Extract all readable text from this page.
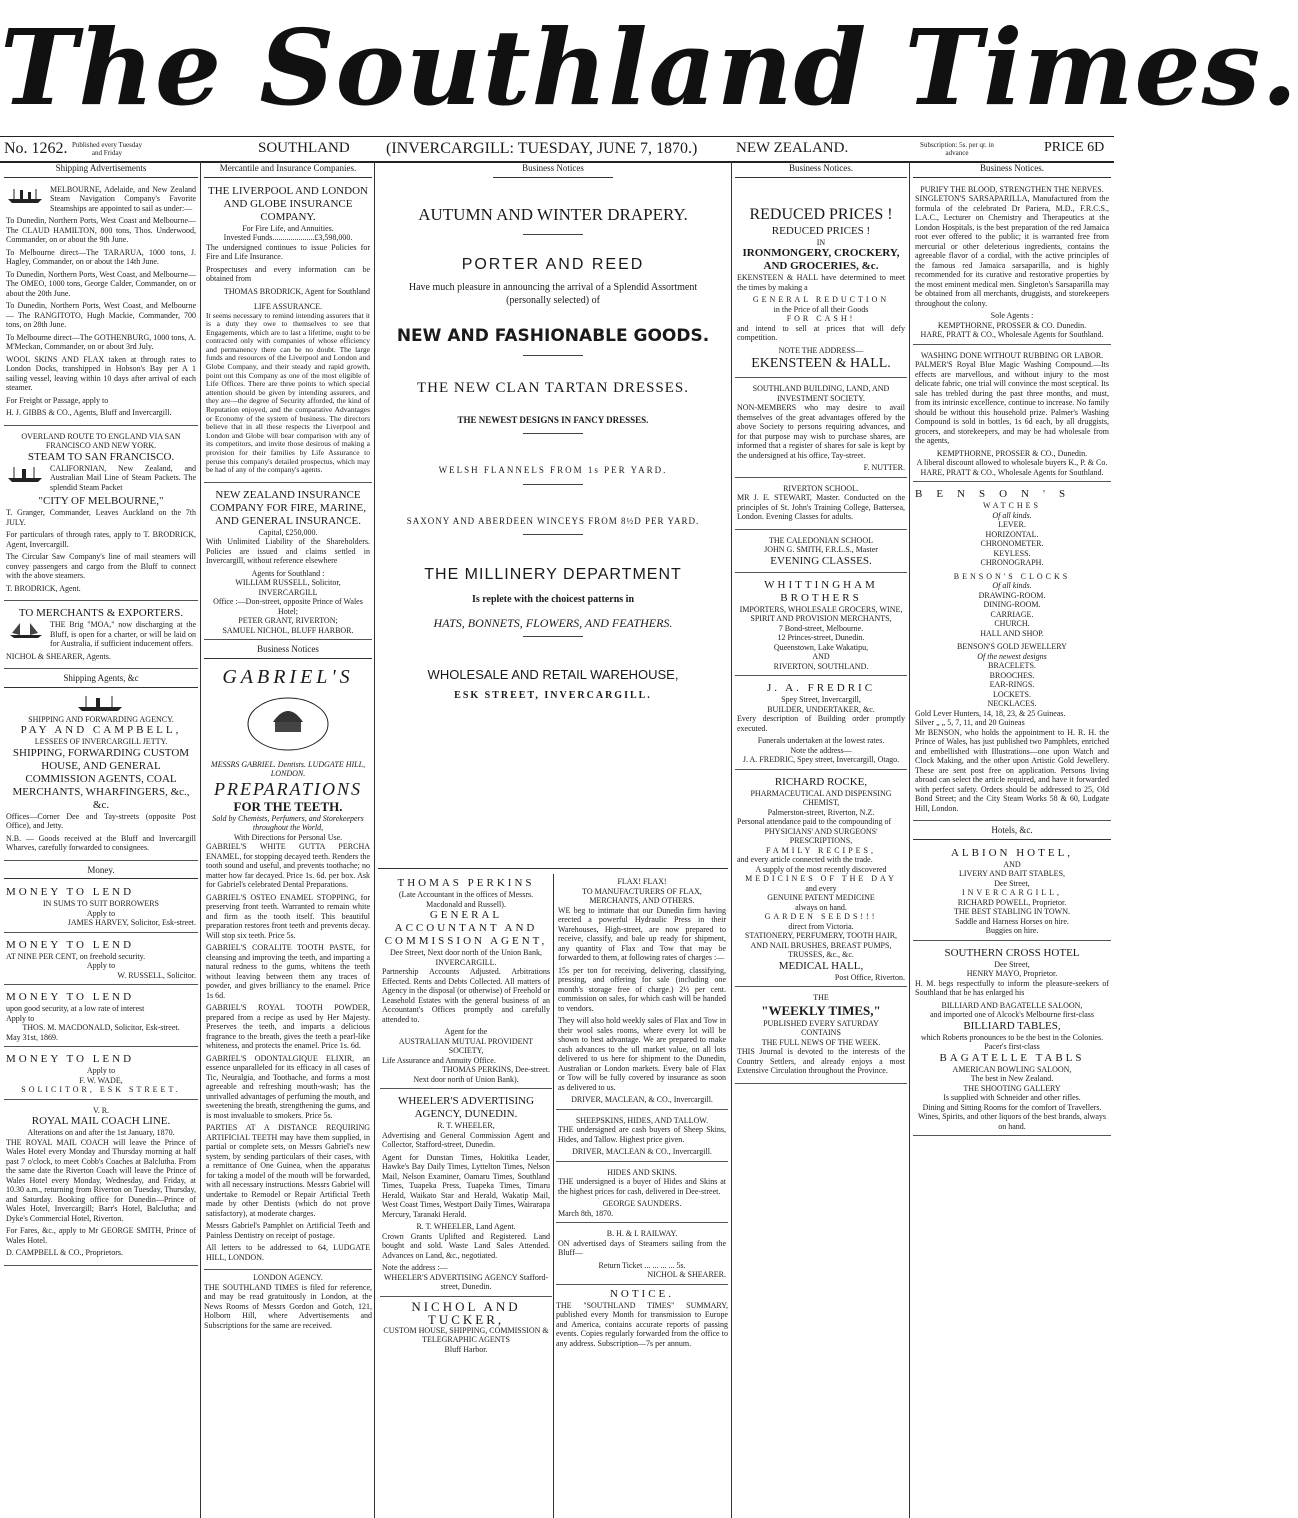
The Southland Times.
No. 1262. Published every Tuesday and Friday	SOUTHLAND (INVERCARGILL: TUESDAY, JUNE 7, 1870.)	NEW ZEALAND.	Subscription: 5s. per qr. in advance	PRICE 6D
Shipping Advertisements

MELBOURNE, Adelaide, and New Zealand Steam Navigation Company's Favorite Steamships are appointed to sail as under:—

To Dunedin, Northern Ports, West Coast and Melbourne—The CLAUD HAMILTON, 800 tons, Thos. Underwood, Commander, on or about the 9th June.

To Melbourne direct—The TARARUA, 1000 tons, J. Hagley, Commander, on or about the 14th June.

To Dunedin, Northern Ports, West Coast, and Melbourne—The OMEO, 1000 tons, George Calder, Commander, on or about the 20th June.

To Dunedin, Northern Ports, West Coast, and Melbourne — The RANGITOTO, Hugh Mackie, Commander, 700 tons, on 28th June.

To Melbourne direct—The GOTHENBURG, 1000 tons, A. M'Meckan, Commander, on or about 3rd July.

WOOL SKINS AND FLAX taken at through rates to London Docks, transhipped in Hobson's Bay per A 1 sailing vessel, leaving within 10 days after arrival of each steamer.

For Freight or Passage, apply to

H. J. GIBBS & CO., Agents, Bluff and Invercargill.

OVERLAND ROUTE TO ENGLAND VIA SAN FRANCISCO AND NEW YORK.
STEAM TO SAN FRANCISCO.

CALIFORNIAN, New Zealand, and Australian Mail Line of Steam Packets. The splendid Steam Packet

"CITY OF MELBOURNE,"

T. Granger, Commander, Leaves Auckland on the 7th JULY.

For particulars of through rates, apply to T. BRODRICK, Agent, Invercargill.

The Circular Saw Company's line of mail steamers will convey passengers and cargo from the Bluff to connect with the above steamers.

T. BRODRICK, Agent.

TO MERCHANTS & EXPORTERS.

THE Brig "MOA," now discharging at the Bluff, is open for a charter, or will be laid on for Australia, if sufficient inducement offers.

NICHOL & SHEARER, Agents.

Shipping Agents, &c
SHIPPING AND FORWARDING AGENCY.
PAY AND CAMPBELL,
LESSEES OF INVERCARGILL JETTY.
SHIPPING, FORWARDING CUSTOM HOUSE, AND GENERAL COMMISSION AGENTS, COAL MERCHANTS, WHARFINGERS, &c., &c.

Offices—Corner Dee and Tay-streets (opposite Post Office), and Jetty.

N.B. — Goods received at the Bluff and Invercargill Wharves, carefully forwarded to consignees.

Money.
MONEY TO LEND
IN SUMS TO SUIT BORROWERS
Apply to
JAMES HARVEY, Solicitor, Esk-street.
MONEY TO LEND
AT NINE PER CENT, on freehold security.
Apply to
W. RUSSELL, Solicitor.
MONEY TO LEND
upon good security, at a low rate of interest
Apply to
THOS. M. MACDONALD, Solicitor, Esk-street.
May 31st, 1869.
MONEY TO LEND
Apply to
F. W. WADE,
SOLICITOR, ESK STREET.
V. R.
ROYAL MAIL COACH LINE.
Alterations on and after the 1st January, 1870.

THE ROYAL MAIL COACH will leave the Prince of Wales Hotel every Monday and Thursday morning at half past 7 o'clock, to meet Cobb's Coaches at Balclutha. From the same date the Riverton Coach will leave the Prince of Wales Hotel every Monday, Wednesday, and Friday, at 10.30 a.m., returning from Riverton on Tuesday, Thursday, and Saturday. Booking office for Dunedin—Prince of Wales Hotel, Invercargill; Barr's Hotel, Balclutha; and Dyke's Commercial Hotel, Riverton.

For Fares, &c., apply to Mr GEORGE SMITH, Prince of Wales Hotel.

D. CAMPBELL & CO., Proprietors.

Mercantile and Insurance Companies.
THE LIVERPOOL AND LONDON AND GLOBE INSURANCE COMPANY.
For Fire Life, and Annuities.
Invested Funds.....................£3,598,000.

The undersigned continues to issue Policies for Fire and Life Insurance.

Prospectuses and every information can be obtained from

THOMAS BRODRICK, Agent for Southland
LIFE ASSURANCE.

It seems necessary to remind intending assurers that it is a duty they owe to themselves to see that Engagements, which are to last a lifetime, ought to be contracted only with companies of whose efficiency and permanency there can be no doubt. The large funds and resources of the Liverpool and London and Globe Company, and their steady and rapid growth, point out this Company as one of the most eligible of Life Offices. There are three points to which special attention should be given by intending assurers, and they are—the degree of Security afforded, the kind of Reputation enjoyed, and the comparative Advantages or Economy of the system of business. The directors believe that in all these respects the Liverpool and London and Globe will bear comparison with any of its competitors, and invite those desirous of making a provision for their families by Life Assurance to peruse this company's detailed prospectus, which may be had of any of the company's agents.

NEW ZEALAND INSURANCE COMPANY FOR FIRE, MARINE, AND GENERAL INSURANCE.
Capital, £250,000.

With Unlimited Liability of the Shareholders. Policies are issued and claims settled in Invercargill, without reference elsewhere

Agents for Southland :
WILLIAM RUSSELL, Solicitor, INVERCARGILL
Office :—Don-street, opposite Prince of Wales Hotel;
PETER GRANT, RIVERTON;
SAMUEL NICHOL, BLUFF HARBOR.
Business Notices
GABRIEL'S
MESSRS GABRIEL. Dentists. LUDGATE HILL, LONDON.
PREPARATIONS
FOR THE TEETH.
Sold by Chemists, Perfumers, and Storekeepers throughout the World,
With Directions for Personal Use.

GABRIEL'S WHITE GUTTA PERCHA ENAMEL, for stopping decayed teeth. Renders the tooth sound and useful, and prevents toothache; no matter how far decayed. Price 1s. 6d. per box. Ask for Gabriel's celebrated Dental Preparations.

GABRIEL'S OSTEO ENAMEL STOPPING, for preserving front teeth. Warranted to remain white and firm as the tooth itself. This beautiful preparation restores front teeth and prevents decay. Will stop six teeth. Price 5s.

GABRIEL'S CORALITE TOOTH PASTE, for cleansing and improving the teeth, and imparting a natural redness to the gums, whitens the teeth without leaving between them any traces of powder, and gives brilliancy to the enamel. Price 1s 6d.

GABRIEL'S ROYAL TOOTH POWDER, prepared from a recipe as used by Her Majesty. Preserves the teeth, and imparts a delicious fragrance to the breath, gives the teeth a pearl-like whiteness, and protects the enamel. Price 1s. 6d.

GABRIEL'S ODONTALGIQUE ELIXIR, an essence unparalleled for its efficacy in all cases of Tic, Neuralgia, and Toothache, and forms a most agreeable and refreshing mouth-wash; has the unrivalled advantages of perfuming the mouth, and sweetening the breath, strengthening the gums, and is most invaluable to smokers. Price 5s.

PARTIES AT A DISTANCE REQUIRING ARTIFICIAL TEETH may have them supplied, in partial or complete sets, on Messrs Gabriel's new system, by sending particulars of their cases, with a remittance of One Guinea, when the apparatus for taking a model of the mouth will be forwarded, with all necessary instructions. Messrs Gabriel will undertake to Remodel or Repair Artificial Teeth made by other Dentists (which do not prove satisfactory), at moderate charges.

Messrs Gabriel's Pamphlet on Artificial Teeth and Painless Dentistry on receipt of postage.

All letters to be addressed to 64, LUDGATE HILL, LONDON.

LONDON AGENCY.

THE SOUTHLAND TIMES is filed for reference, and may be read gratuitously in London, at the News Rooms of Messrs Gordon and Gotch, 121, Holborn Hill, where Advertisements and Subscriptions for the same are received.

Business Notices
AUTUMN AND WINTER DRAPERY.
PORTER AND REED
Have much pleasure in announcing the arrival of a Splendid Assortment (personally selected) of
NEW AND FASHIONABLE GOODS.
THE NEW CLAN TARTAN DRESSES.
THE NEWEST DESIGNS IN FANCY DRESSES.
WELSH FLANNELS FROM 1s PER YARD.
SAXONY AND ABERDEEN WINCEYS FROM 8½D PER YARD.
THE MILLINERY DEPARTMENT
Is replete with the choicest patterns in
HATS, BONNETS, FLOWERS, AND FEATHERS.
WHOLESALE AND RETAIL WAREHOUSE,
ESK STREET, INVERCARGILL.
THOMAS PERKINS
(Late Accountant in the offices of Messrs. Macdonald and Russell).
GENERAL ACCOUNTANT AND COMMISSION AGENT,
Dee Street, Next door north of the Union Bank, INVERCARGILL.

Partnership Accounts Adjusted. Arbitrations Effected. Rents and Debts Collected. All matters of Agency in the disposal (or otherwise) of Freehold or Leasehold Estates with the general business of an Accountant's Offices promptly and carefully attended to.

Agent for the
AUSTRALIAN MUTUAL PROVIDENT SOCIETY,
Life Assurance and Annuity Office.
THOMAS PERKINS, Dee-street.
Next door north of Union Bank).
WHEELER'S ADVERTISING AGENCY, DUNEDIN.
R. T. WHEELER,

Advertising and General Commission Agent and Collector, Stafford-street, Dunedin.

Agent for Dunstan Times, Hokitika Leader, Hawke's Bay Daily Times, Lyttelton Times, Nelson Mail, Nelson Examiner, Oamaru Times, Southland Times, Tuapeka Press, Tuapeka Times, Timaru Herald, Waikato Star and Herald, Wakatip Mail, West Coast Times, Westport Daily Times, Wairarapa Mercury, Taranaki Herald.

R. T. WHEELER, Land Agent.

Crown Grants Uplifted and Registered. Land bought and sold. Waste Land Sales Attended. Advances on Land, &c., negotiated.

Note the address :—
WHEELER'S ADVERTISING AGENCY Stafford-street, Dunedin.
NICHOL AND TUCKER,
CUSTOM HOUSE, SHIPPING, COMMISSION & TELEGRAPHIC AGENTS
Bluff Harbor.
FLAX! FLAX!
TO MANUFACTURERS OF FLAX, MERCHANTS, AND OTHERS.

WE beg to intimate that our Dunedin firm having erected a powerful Hydraulic Press in their Warehouses, High-street, are now prepared to receive, classify, and bale up ready for shipment, any quantity of Flax and Tow that may be forwarded to them, at following rates of charges :—

15s per ton for receiving, delivering, classifying, pressing, and offering for sale (including one month's storage free of charge.) 2½ per cent. commission on sales, for which cash will be handed to vendors.

They will also hold weekly sales of Flax and Tow in their wool sales rooms, where every lot will be shown to best advantage. We are prepared to make cash advances to the ull market value, on all lots delivered to us here for shipment to the Dunedin, Australian or London markets. Every bale of Flax or Tow will be fully covered by insurance as soon as delivered to us.

DRIVER, MACLEAN, & CO., Invercargill.
SHEEPSKINS, HIDES, AND TALLOW.

THE undersigned are cash buyers of Sheep Skins, Hides, and Tallow. Highest price given.

DRIVER, MACLEAN & CO., Invercargill.
HIDES AND SKINS.

THE undersigned is a buyer of Hides and Skins at the highest prices for cash, delivered in Dee-street.

GEORGE SAUNDERS.
March 8th, 1870.
B. H. & I. RAILWAY.

ON advertised days of Steamers sailing from the Bluff—

Return Ticket ... ... ... ... 5s.
NICHOL & SHEARER.
NOTICE.

THE "SOUTHLAND TIMES" SUMMARY, published every Month for transmission to Europe and America, contains accurate reports of passing events. Copies regularly forwarded from the office to any address. Subscription—7s per annum.

Business Notices.
REDUCED PRICES !
REDUCED PRICES !
IN
IRONMONGERY, CROCKERY, AND GROCERIES, &c.

EKENSTEEN & HALL have determined to meet the times by making a

GENERAL REDUCTION
in the Price of all their Goods
FOR CASH!

and intend to sell at prices that will defy competition.

NOTE THE ADDRESS—
EKENSTEEN & HALL.
SOUTHLAND BUILDING, LAND, AND INVESTMENT SOCIETY.

NON-MEMBERS who may desire to avail themselves of the great advantages offered by the above Society to persons requiring advances, and for that purpose may wish to purchase shares, are informed that a register of shares for sale is kept by the undersigned at his office, Tay-street.

F. NUTTER.
RIVERTON SCHOOL.

MR J. E. STEWART, Master. Conducted on the principles of St. John's Training College, Battersea, London. Evening Classes for adults.

THE CALEDONIAN SCHOOL
JOHN G. SMITH, F.R.L.S., Master
EVENING CLASSES.
WHITTINGHAM BROTHERS
IMPORTERS, WHOLESALE GROCERS, WINE, SPIRIT AND PROVISION MERCHANTS,
7 Bond-street, Melbourne.
12 Princes-street, Dunedin.
Queenstown, Lake Wakatipu,
AND
RIVERTON, SOUTHLAND.
J. A. FREDRIC
Spey Street, Invercargill,
BUILDER, UNDERTAKER, &c.

Every description of Building order promptly executed.

Funerals undertaken at the lowest rates.
Note the address—
J. A. FREDRIC, Spey street, Invercargill, Otago.
RICHARD ROCKE,
PHARMACEUTICAL AND DISPENSING CHEMIST,
Palmerston-street, Riverton, N.Z.
Personal attendance paid to the compounding of
PHYSICIANS' AND SURGEONS' PRESCRIPTIONS,
FAMILY RECIPES,
and every article connected with the trade.
A supply of the most recently discovered
MEDICINES OF THE DAY
and every
GENUINE PATENT MEDICINE
always on hand.
GARDEN SEEDS!!!
direct from Victoria.
STATIONERY, PERFUMERY, TOOTH HAIR, AND NAIL BRUSHES, BREAST PUMPS, TRUSSES, &c., &c.
MEDICAL HALL,
Post Office, Riverton.
THE
"WEEKLY TIMES,"
PUBLISHED EVERY SATURDAY
CONTAINS
THE FULL NEWS OF THE WEEK.

THIS Journal is devoted to the interests of the Country Settlers, and already enjoys a most Extensive Circulation throughout the Province.

Business Notices.
PURIFY THE BLOOD, STRENGTHEN THE NERVES.

SINGLETON'S SARSAPARILLA, Manufactured from the formula of the celebrated Dr Pariera, M.D., F.R.C.S., L.A.C., Lecturer on Chemistry and Therapeutics at the London Hospitals, is the best preparation of the red Jamaica root ever offered to the public; it is warranted free from mercurial or other deleterious ingredients, contains the agreeable flavor of a cordial, with the active principles of the famous red Jamaica sarsaparilla, and is highly recommended for its curative and restorative properties by the most eminent medical men. Singleton's Sarsaparilla may be obtained from all merchants, druggists, and storekeepers throughout the colony.

Sole Agents :
KEMPTHORNE, PROSSER & CO. Dunedin.
HARE, PRATT & CO., Wholesale Agents for Southland.
WASHING DONE WITHOUT RUBBING OR LABOR.

PALMER'S Royal Blue Magic Washing Compound.—Its effects are marvellous, and without injury to the most delicate fabric, one trial will convince the most sceptical. Its sale has trebled during the past three months, and must, from its intrinsic excellence, continue to increase. No family should be without this household prize. Palmer's Washing Compound is sold in bottles, 1s 6d each, by all druggists, grocers, and storekeepers, and may be had wholesale from the agents,

KEMPTHORNE, PROSSER & CO., Dunedin.
A liberal discount allowed to wholesale buyers K., P. & Co.
HARE, PRATT & CO., Wholesale Agents for Southland.
BENSON'S
WATCHES
Of all kinds.
LEVER.
HORIZONTAL.
CHRONOMETER.
KEYLESS.
CHRONOGRAPH.
BENSON'S CLOCKS
Of all kinds.
DRAWING-ROOM.
DINING-ROOM.
CARRIAGE.
CHURCH.
HALL AND SHOP.
BENSON'S GOLD JEWELLERY
Of the newest designs
BRACELETS.
BROOCHES.
EAR-RINGS.
LOCKETS.
NECKLACES.
Gold Lever Hunters, 14, 18, 23, & 25 Guineas.
Silver „ „ 5, 7, 11, and 20 Guineas

Mr BENSON, who holds the appointment to H. R. H. the Prince of Wales, has just published two Pamphlets, enriched and embellished with Illustrations—one upon Watch and Clock Making, and the other upon Artistic Gold Jewellery. These are sent post free on application. Persons living abroad can select the article required, and have it forwarded with perfect safety. Orders should be addressed to 25, Old Bond Street; and the City Steam Works 58 & 60, Ludgate Hill, London.

Hotels, &c.
ALBION HOTEL,
AND
LIVERY AND BAIT STABLES,
Dee Street,
INVERCARGILL,
RICHARD POWELL, Proprietor.
THE BEST STABLING IN TOWN.
Saddle and Harness Horses on hire.
Buggies on hire.
SOUTHERN CROSS HOTEL
Dee Street,
HENRY MAYO, Proprietor.

H. M. begs respectfully to inform the pleasure-seekers of Southland that he has enlarged his

BILLIARD AND BAGATELLE SALOON,
and imported one of Alcock's Melbourne first-class
BILLIARD TABLES,
which Roberts pronounces to be the best in the Colonies.
Pacer's first-class
BAGATELLE TABLS
AMERICAN BOWLING SALOON,
The best in New Zealand.
THE SHOOTING GALLERY
Is supplied with Schneider and other rifles.
Dining and Sitting Rooms for the comfort of Travellers.
Wines, Spirits, and other liquors of the best brands, always on hand.
